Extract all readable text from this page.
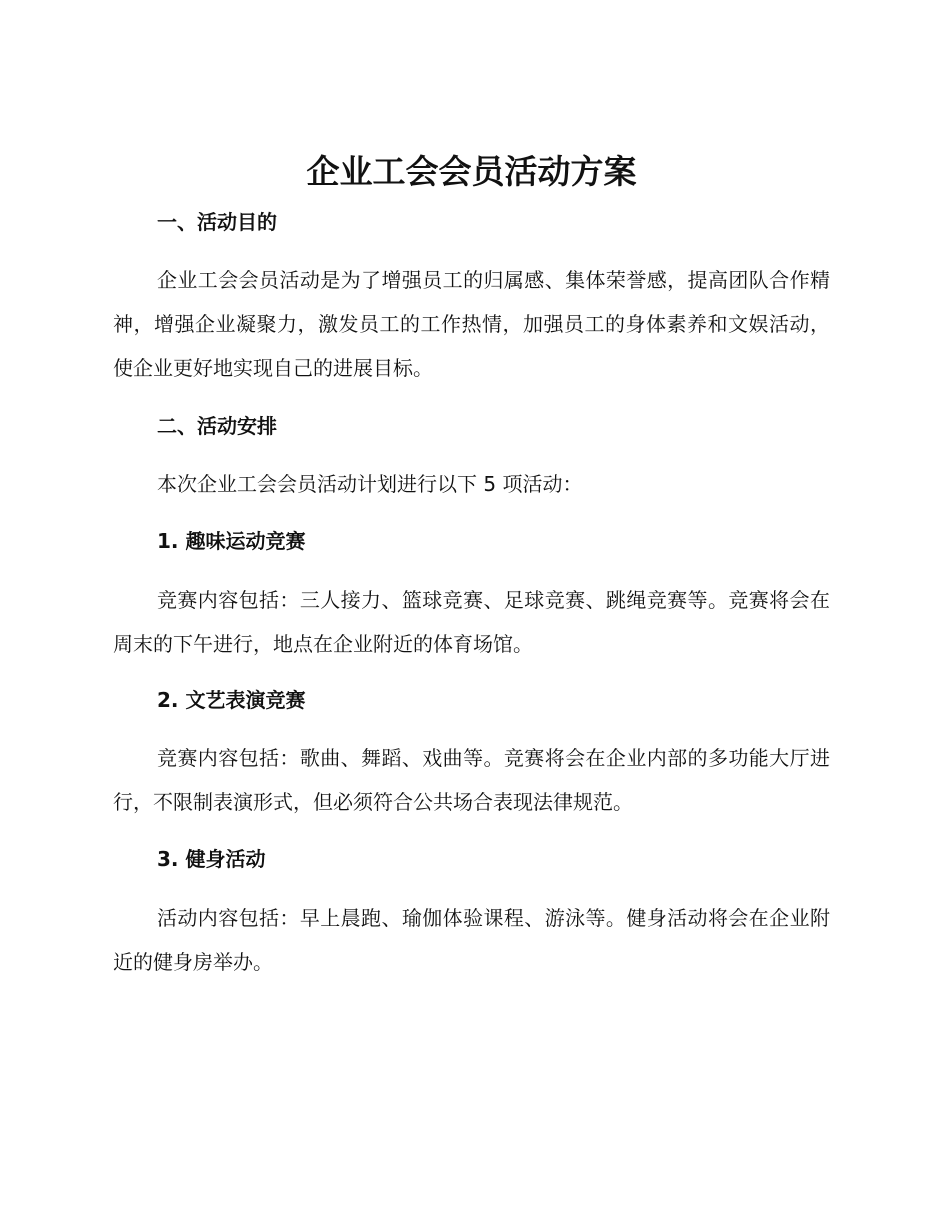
企业工会会员活动方案
一、活动目的

企业工会会员活动是为了增强员工的归属感、集体荣誉感，提高团队合作精神，增强企业凝聚力，激发员工的工作热情，加强员工的身体素养和文娱活动，使企业更好地实现自己的进展目标。

二、活动安排

本次企业工会会员活动计划进行以下 5 项活动：

1. 趣味运动竞赛

竞赛内容包括：三人接力、篮球竞赛、足球竞赛、跳绳竞赛等。竞赛将会在周末的下午进行，地点在企业附近的体育场馆。

2. 文艺表演竞赛

竞赛内容包括：歌曲、舞蹈、戏曲等。竞赛将会在企业内部的多功能大厅进行，不限制表演形式，但必须符合公共场合表现法律规范。

3. 健身活动

活动内容包括：早上晨跑、瑜伽体验课程、游泳等。健身活动将会在企业附近的健身房举办。
